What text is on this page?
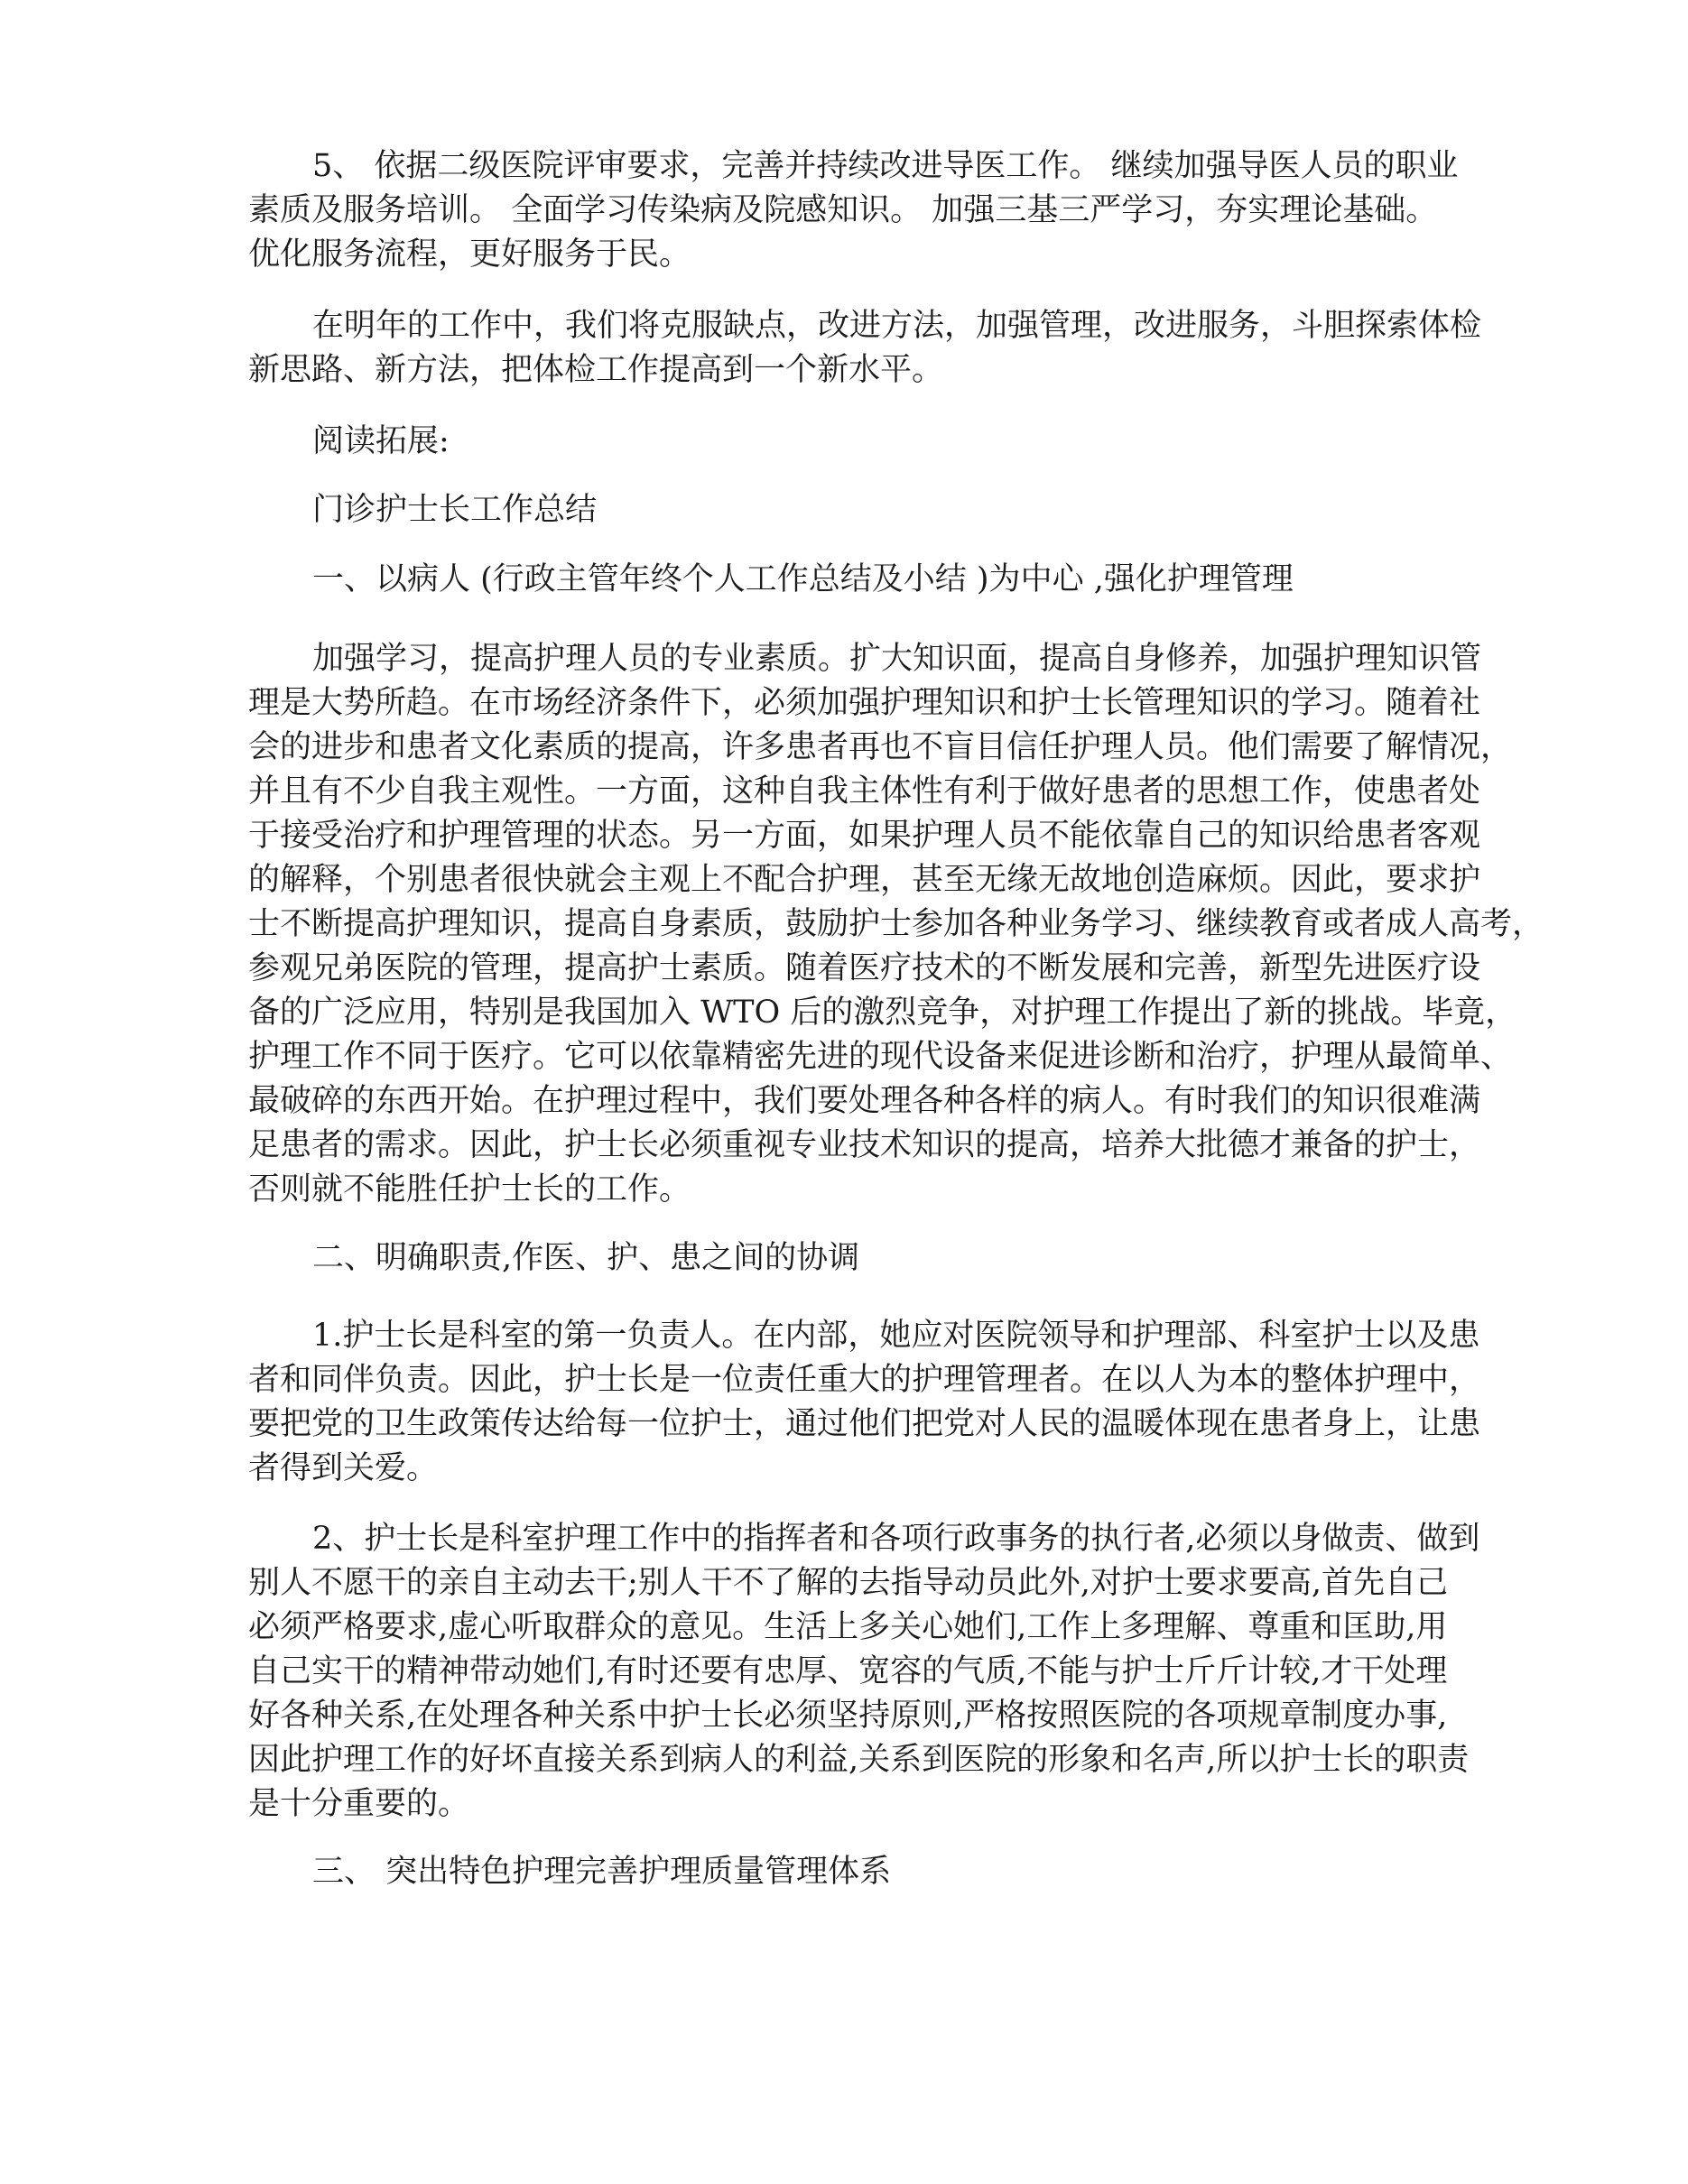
5、 依据二级医院评审要求，完善并持续改进导医工作。 继续加强导医人员的职业
素质及服务培训。 全面学习传染病及院感知识。 加强三基三严学习，夯实理论基础。
优化服务流程，更好服务于民。

在明年的工作中，我们将克服缺点，改进方法，加强管理，改进服务，斗胆探索体检
新思路、新方法，把体检工作提高到一个新水平。

阅读拓展:

门诊护士长工作总结

一、以病人 (行政主管年终个人工作总结及小结 )为中心 ,强化护理管理

加强学习，提高护理人员的专业素质。扩大知识面，提高自身修养，加强护理知识管
理是大势所趋。在市场经济条件下，必须加强护理知识和护士长管理知识的学习。随着社
会的进步和患者文化素质的提高，许多患者再也不盲目信任护理人员。他们需要了解情况，
并且有不少自我主观性。一方面，这种自我主体性有利于做好患者的思想工作，使患者处
于接受治疗和护理管理的状态。另一方面，如果护理人员不能依靠自己的知识给患者客观
的解释，个别患者很快就会主观上不配合护理，甚至无缘无故地创造麻烦。因此，要求护
士不断提高护理知识，提高自身素质，鼓励护士参加各种业务学习、继续教育或者成人高考，
参观兄弟医院的管理，提高护士素质。随着医疗技术的不断发展和完善，新型先进医疗设
备的广泛应用，特别是我国加入 WTO 后的激烈竞争，对护理工作提出了新的挑战。毕竟，
护理工作不同于医疗。它可以依靠精密先进的现代设备来促进诊断和治疗，护理从最简单、
最破碎的东西开始。在护理过程中，我们要处理各种各样的病人。有时我们的知识很难满
足患者的需求。因此，护士长必须重视专业技术知识的提高，培养大批德才兼备的护士，
否则就不能胜任护士长的工作。

二、明确职责,作医、护、患之间的协调

1.护士长是科室的第一负责人。在内部，她应对医院领导和护理部、科室护士以及患
者和同伴负责。因此，护士长是一位责任重大的护理管理者。在以人为本的整体护理中，
要把党的卫生政策传达给每一位护士，通过他们把党对人民的温暖体现在患者身上，让患
者得到关爱。

2、护士长是科室护理工作中的指挥者和各项行政事务的执行者,必须以身做责、做到
别人不愿干的亲自主动去干;别人干不了解的去指导动员此外,对护士要求要高,首先自己
必须严格要求,虚心听取群众的意见。生活上多关心她们,工作上多理解、尊重和匡助,用
自己实干的精神带动她们,有时还要有忠厚、宽容的气质,不能与护士斤斤计较,才干处理
好各种关系,在处理各种关系中护士长必须坚持原则,严格按照医院的各项规章制度办事,
因此护理工作的好坏直接关系到病人的利益,关系到医院的形象和名声,所以护士长的职责
是十分重要的。

三、 突出特色护理完善护理质量管理体系
